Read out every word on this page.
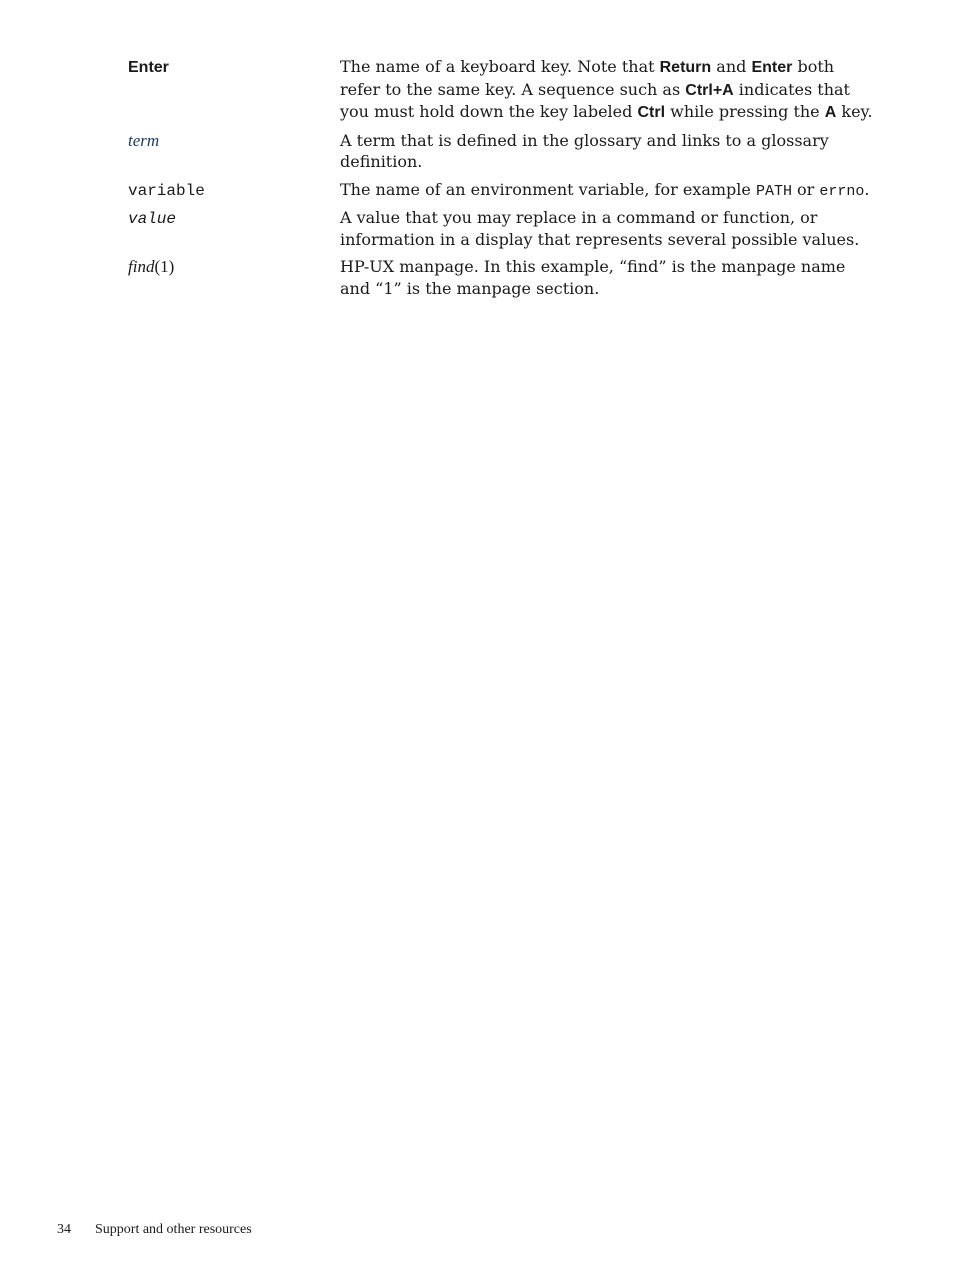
Enter	The name of a keyboard key. Note that Return and Enter both refer to the same key. A sequence such as Ctrl+A indicates that you must hold down the key labeled Ctrl while pressing the A key.
term	A term that is defined in the glossary and links to a glossary definition.
variable	The name of an environment variable, for example PATH or errno.
value	A value that you may replace in a command or function, or information in a display that represents several possible values.
find(1)	HP-UX manpage. In this example, “find” is the manpage name and “1” is the manpage section.
34 Support and other resources
